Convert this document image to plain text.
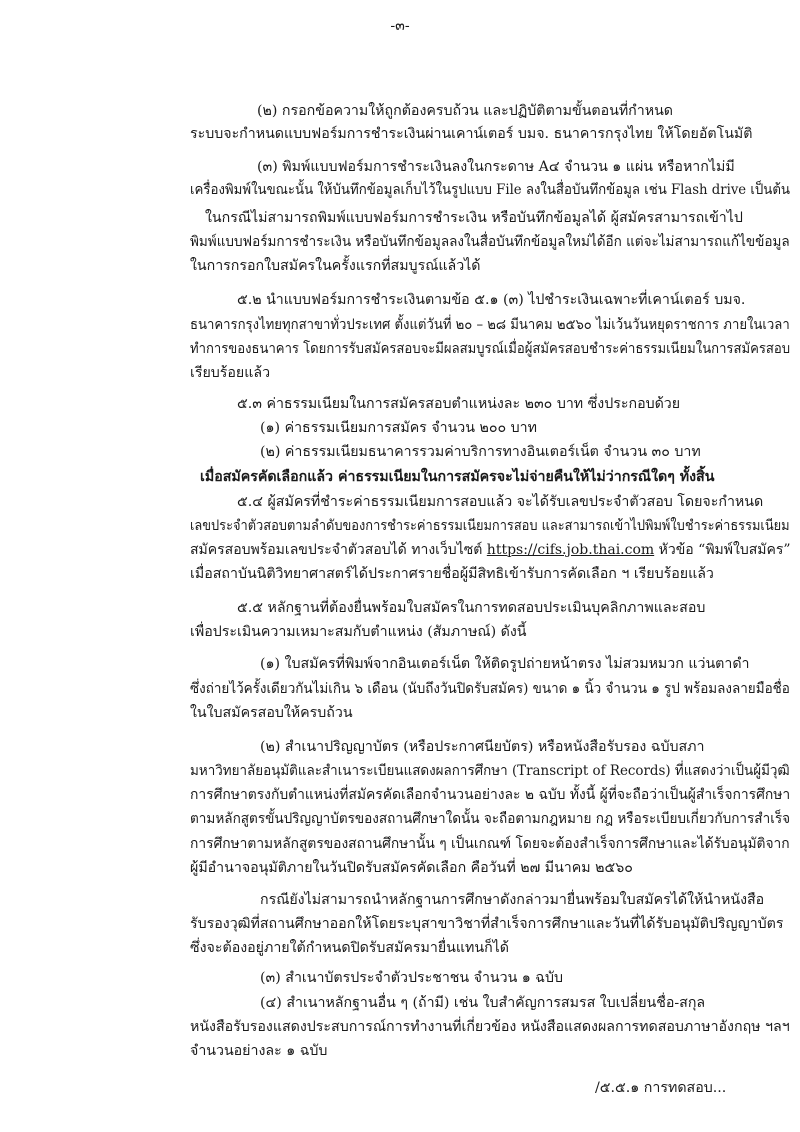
-๓-
(๒) กรอกข้อความให้ถูกต้องครบถ้วน และปฏิบัติตามขั้นตอนที่กำหนด
ระบบจะกำหนดแบบฟอร์มการชำระเงินผ่านเคาน์เตอร์ บมจ. ธนาคารกรุงไทย ให้โดยอัตโนมัติ
(๓) พิมพ์แบบฟอร์มการชำระเงินลงในกระดาษ A๔ จำนวน ๑ แผ่น หรือหากไม่มี
เครื่องพิมพ์ในขณะนั้น ให้บันทึกข้อมูลเก็บไว้ในรูปแบบ File ลงในสื่อบันทึกข้อมูล เช่น Flash drive เป็นต้น
ในกรณีไม่สามารถพิมพ์แบบฟอร์มการชำระเงิน หรือบันทึกข้อมูลได้ ผู้สมัครสามารถเข้าไป
พิมพ์แบบฟอร์มการชำระเงิน หรือบันทึกข้อมูลลงในสื่อบันทึกข้อมูลใหม่ได้อีก แต่จะไม่สามารถแก้ไขข้อมูล
ในการกรอกใบสมัครในครั้งแรกที่สมบูรณ์แล้วได้
๕.๒ นำแบบฟอร์มการชำระเงินตามข้อ ๕.๑ (๓) ไปชำระเงินเฉพาะที่เคาน์เตอร์ บมจ.
ธนาคารกรุงไทยทุกสาขาทั่วประเทศ ตั้งแต่วันที่ ๒๐ – ๒๘ มีนาคม ๒๕๖๐ ไม่เว้นวันหยุดราชการ ภายในเวลา
ทำการของธนาคาร โดยการรับสมัครสอบจะมีผลสมบูรณ์เมื่อผู้สมัครสอบชำระค่าธรรมเนียมในการสมัครสอบ
เรียบร้อยแล้ว
๕.๓ ค่าธรรมเนียมในการสมัครสอบตำแหน่งละ ๒๓๐ บาท ซึ่งประกอบด้วย
(๑) ค่าธรรมเนียมการสมัคร จำนวน ๒๐๐ บาท
(๒) ค่าธรรมเนียมธนาคารรวมค่าบริการทางอินเตอร์เน็ต จำนวน ๓๐ บาท
เมื่อสมัครคัดเลือกแล้ว ค่าธรรมเนียมในการสมัครจะไม่จ่ายคืนให้ไม่ว่ากรณีใดๆ ทั้งสิ้น
๕.๔ ผู้สมัครที่ชำระค่าธรรมเนียมการสอบแล้ว จะได้รับเลขประจำตัวสอบ โดยจะกำหนด
เลขประจำตัวสอบตามลำดับของการชำระค่าธรรมเนียมการสอบ และสามารถเข้าไปพิมพ์ใบชำระค่าธรรมเนียม
สมัครสอบพร้อมเลขประจำตัวสอบได้ ทางเว็บไซต์ https://cifs.job.thai.com หัวข้อ “พิมพ์ใบสมัคร”
เมื่อสถาบันนิติวิทยาศาสตร์ได้ประกาศรายชื่อผู้มีสิทธิเข้ารับการคัดเลือก ฯ เรียบร้อยแล้ว
๕.๕ หลักฐานที่ต้องยื่นพร้อมใบสมัครในการทดสอบประเมินบุคลิกภาพและสอบ
เพื่อประเมินความเหมาะสมกับตำแหน่ง (สัมภาษณ์) ดังนี้
(๑) ใบสมัครที่พิมพ์จากอินเตอร์เน็ต ให้ติดรูปถ่ายหน้าตรง ไม่สวมหมวก แว่นตาดำ
ซึ่งถ่ายไว้ครั้งเดียวกันไม่เกิน ๖ เดือน (นับถึงวันปิดรับสมัคร) ขนาด ๑ นิ้ว จำนวน ๑ รูป พร้อมลงลายมือชื่อ
ในใบสมัครสอบให้ครบถ้วน
(๒) สำเนาปริญญาบัตร (หรือประกาศนียบัตร) หรือหนังสือรับรอง ฉบับสภา
มหาวิทยาลัยอนุมัติและสำเนาระเบียนแสดงผลการศึกษา (Transcript of Records) ที่แสดงว่าเป็นผู้มีวุฒิ
การศึกษาตรงกับตำแหน่งที่สมัครคัดเลือกจำนวนอย่างละ ๒ ฉบับ ทั้งนี้ ผู้ที่จะถือว่าเป็นผู้สำเร็จการศึกษา
ตามหลักสูตรขั้นปริญญาบัตรของสถานศึกษาใดนั้น จะถือตามกฎหมาย กฎ หรือระเบียบเกี่ยวกับการสำเร็จ
การศึกษาตามหลักสูตรของสถานศึกษานั้น ๆ เป็นเกณฑ์ โดยจะต้องสำเร็จการศึกษาและได้รับอนุมัติจาก
ผู้มีอำนาจอนุมัติภายในวันปิดรับสมัครคัดเลือก คือวันที่ ๒๗ มีนาคม ๒๕๖๐
กรณียังไม่สามารถนำหลักฐานการศึกษาดังกล่าวมายื่นพร้อมใบสมัครได้ให้นำหนังสือ
รับรองวุฒิที่สถานศึกษาออกให้โดยระบุสาขาวิชาที่สำเร็จการศึกษาและวันที่ได้รับอนุมัติปริญญาบัตร
ซึ่งจะต้องอยู่ภายใต้กำหนดปิดรับสมัครมายื่นแทนก็ได้
(๓) สำเนาบัตรประจำตัวประชาชน จำนวน ๑ ฉบับ
(๔) สำเนาหลักฐานอื่น ๆ (ถ้ามี) เช่น ใบสำคัญการสมรส ใบเปลี่ยนชื่อ-สกุล
หนังสือรับรองแสดงประสบการณ์การทำงานที่เกี่ยวข้อง หนังสือแสดงผลการทดสอบภาษาอังกฤษ ฯลฯ
จำนวนอย่างละ ๑ ฉบับ
/๕.๕.๑ การทดสอบ...
